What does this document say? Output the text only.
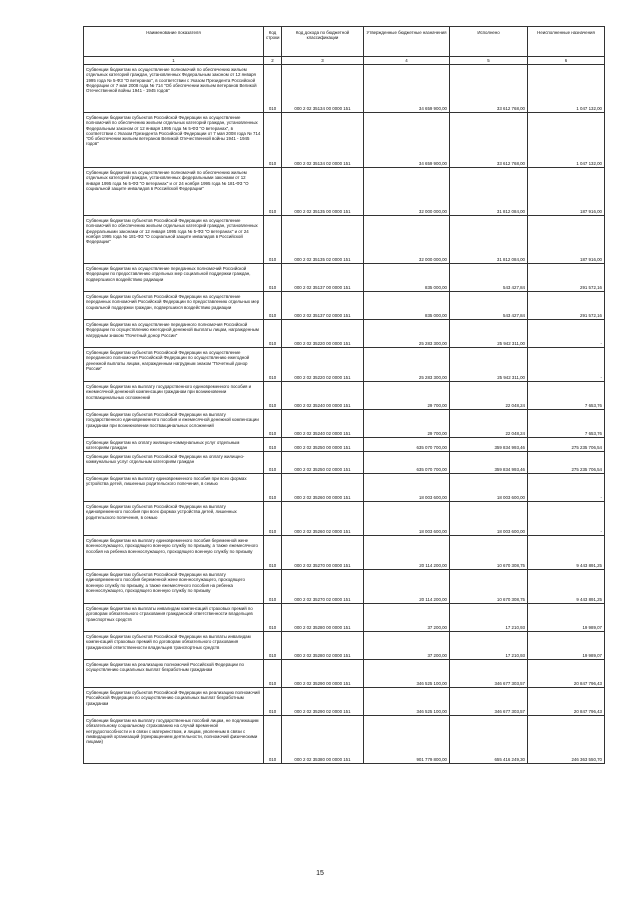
Наименование показателя	Код строки	Код дохода по бюджетной классификации	Утвержденные бюджетные назначения	Исполнено	Неисполненные назначения
1	2	3	4	5	6
Субвенции бюджетам на осуществление полномочий по обеспечению жильем отдельных категорий граждан, установленных Федеральным законом от 12 января 1995 года № 5-ФЗ "О ветеранах", в соответствии с Указом Президента Российской Федерации от 7 мая 2008 года № 714 "Об обеспечении жильем ветеранов Великой Отечественной войны 1941 - 1945 годов"	010	000 2 02 35134 00 0000 151	34 659 900,00	33 612 768,00	1 047 132,00
Субвенции бюджетам субъектов Российской Федерации на осуществление полномочий по обеспечению жильем отдельных категорий граждан, установленных Федеральным законом от 12 января 1995 года № 5-ФЗ "О ветеранах", в соответствии с Указом Президента Российской Федерации от 7 мая 2008 года № 714 "Об обеспечении жильем ветеранов Великой Отечественной войны 1941 - 1945 годов"	010	000 2 02 35134 02 0000 151	34 659 900,00	33 612 768,00	1 047 132,00
Субвенции бюджетам на осуществление полномочий по обеспечению жильем отдельных категорий граждан, установленных федеральными законами от 12 января 1995 года № 5-ФЗ "О ветеранах" и от 24 ноября 1995 года № 181-ФЗ "О социальной защите инвалидов в Российской Федерации"	010	000 2 02 35135 00 0000 151	32 000 000,00	31 812 084,00	187 916,00
Субвенции бюджетам субъектов Российской Федерации на осуществление полномочий по обеспечению жильем отдельных категорий граждан, установленных федеральными законами от 12 января 1995 года № 5-ФЗ "О ветеранах" и от 24 ноября 1995 года № 181-ФЗ "О социальной защите инвалидов в Российской Федерации"	010	000 2 02 35135 02 0000 151	32 000 000,00	31 812 084,00	187 916,00
Субвенции бюджетам на осуществление переданных полномочий Российской Федерации по предоставлению отдельных мер социальной поддержки граждан, подвергшихся воздействию радиации	010	000 2 02 35137 00 0000 151	835 000,00	543 427,84	291 572,16
Субвенции бюджетам субъектов Российской Федерации на осуществление переданных полномочий Российской Федерации по предоставлению отдельных мер социальной поддержки граждан, подвергшихся воздействию радиации	010	000 2 02 35137 02 0000 151	835 000,00	543 427,84	291 572,16
Субвенции бюджетам на осуществление переданного полномочия Российской Федерации по осуществлению ежегодной денежной выплаты лицам, награжденным нагрудным знаком "Почетный донор России"	010	000 2 02 35220 00 0000 151	25 283 300,00	25 942 311,00	-
Субвенции бюджетам субъектов Российской Федерации на осуществление переданного полномочия Российской Федерации по осуществлению ежегодной денежной выплаты лицам, награжденным нагрудным знаком "Почетный донор России"	010	000 2 02 35220 02 0000 151	25 283 300,00	25 942 311,00	-
Субвенции бюджетам на выплату государственного единовременного пособия и ежемесячной денежной компенсации гражданам при возникновении поствакцинальных осложнений	010	000 2 02 35240 00 0000 151	29 700,00	22 048,24	7 653,76
Субвенции бюджетам субъектов Российской Федерации на выплату государственного единовременного пособия и ежемесячной денежной компенсации гражданам при возникновении поствакцинальных осложнений	010	000 2 02 35240 02 0000 151	29 700,00	22 048,24	7 653,76
Субвенции бюджетам на оплату жилищно-коммунальных услуг отдельным категориям граждан	010	000 2 02 35250 00 0000 151	635 070 700,00	359 834 993,46	275 235 706,54
Субвенции бюджетам субъектов Российской Федерации на оплату жилищно-коммунальных услуг отдельным категориям граждан	010	000 2 02 35250 02 0000 151	635 070 700,00	359 834 993,46	275 235 706,54
Субвенции бюджетам на выплату единовременного пособия при всех формах устройства детей, лишенных родительского попечения, в семью	010	000 2 02 35260 00 0000 151	18 003 600,00	18 003 600,00	-
Субвенции бюджетам субъектов Российской Федерации на выплату единовременного пособия при всех формах устройства детей, лишенных родительского попечения, в семью	010	000 2 02 35260 02 0000 151	18 003 600,00	18 003 600,00	-
Субвенции бюджетам на выплату единовременного пособия беременной жене военнослужащего, проходящего военную службу по призыву, а также ежемесячного пособия на ребенка военнослужащего, проходящего военную службу по призыву	010	000 2 02 35270 00 0000 151	20 114 200,00	10 670 308,75	9 443 891,25
Субвенции бюджетам субъектов Российской Федерации на выплату единовременного пособия беременной жене военнослужащего, проходящего военную службу по призыву, а также ежемесячного пособия на ребенка военнослужащего, проходящего военную службу по призыву	010	000 2 02 35270 02 0000 151	20 114 200,00	10 670 308,75	9 443 891,25
Субвенции бюджетам на выплаты инвалидам компенсаций страховых премий по договорам обязательного страхования гражданской ответственности владельцев транспортных средств	010	000 2 02 35280 00 0000 151	37 200,00	17 210,93	19 989,07
Субвенции бюджетам субъектов Российской Федерации на выплаты инвалидам компенсаций страховых премий по договорам обязательного страхования гражданской ответственности владельцев транспортных средств	010	000 2 02 35280 02 0000 151	37 200,00	17 210,93	19 989,07
Субвенции бюджетам на реализацию полномочий Российской Федерации по осуществлению социальных выплат безработным гражданам	010	000 2 02 35290 00 0000 151	346 525 100,00	346 677 303,57	20 847 796,43
Субвенции бюджетам субъектов Российской Федерации на реализацию полномочий Российской Федерации по осуществлению социальных выплат безработным гражданам	010	000 2 02 35290 02 0000 151	346 525 100,00	346 677 303,57	20 847 796,43
Субвенции бюджетам на выплату государственных пособий лицам, не подлежащим обязательному социальному страхованию на случай временной нетрудоспособности и в связи с материнством, и лицам, уволенным в связи с ликвидацией организаций (прекращением деятельности, полномочий физическими лицами)	010	000 2 02 35380 00 0000 151	901 779 800,00	655 416 249,30	246 363 550,70
15
